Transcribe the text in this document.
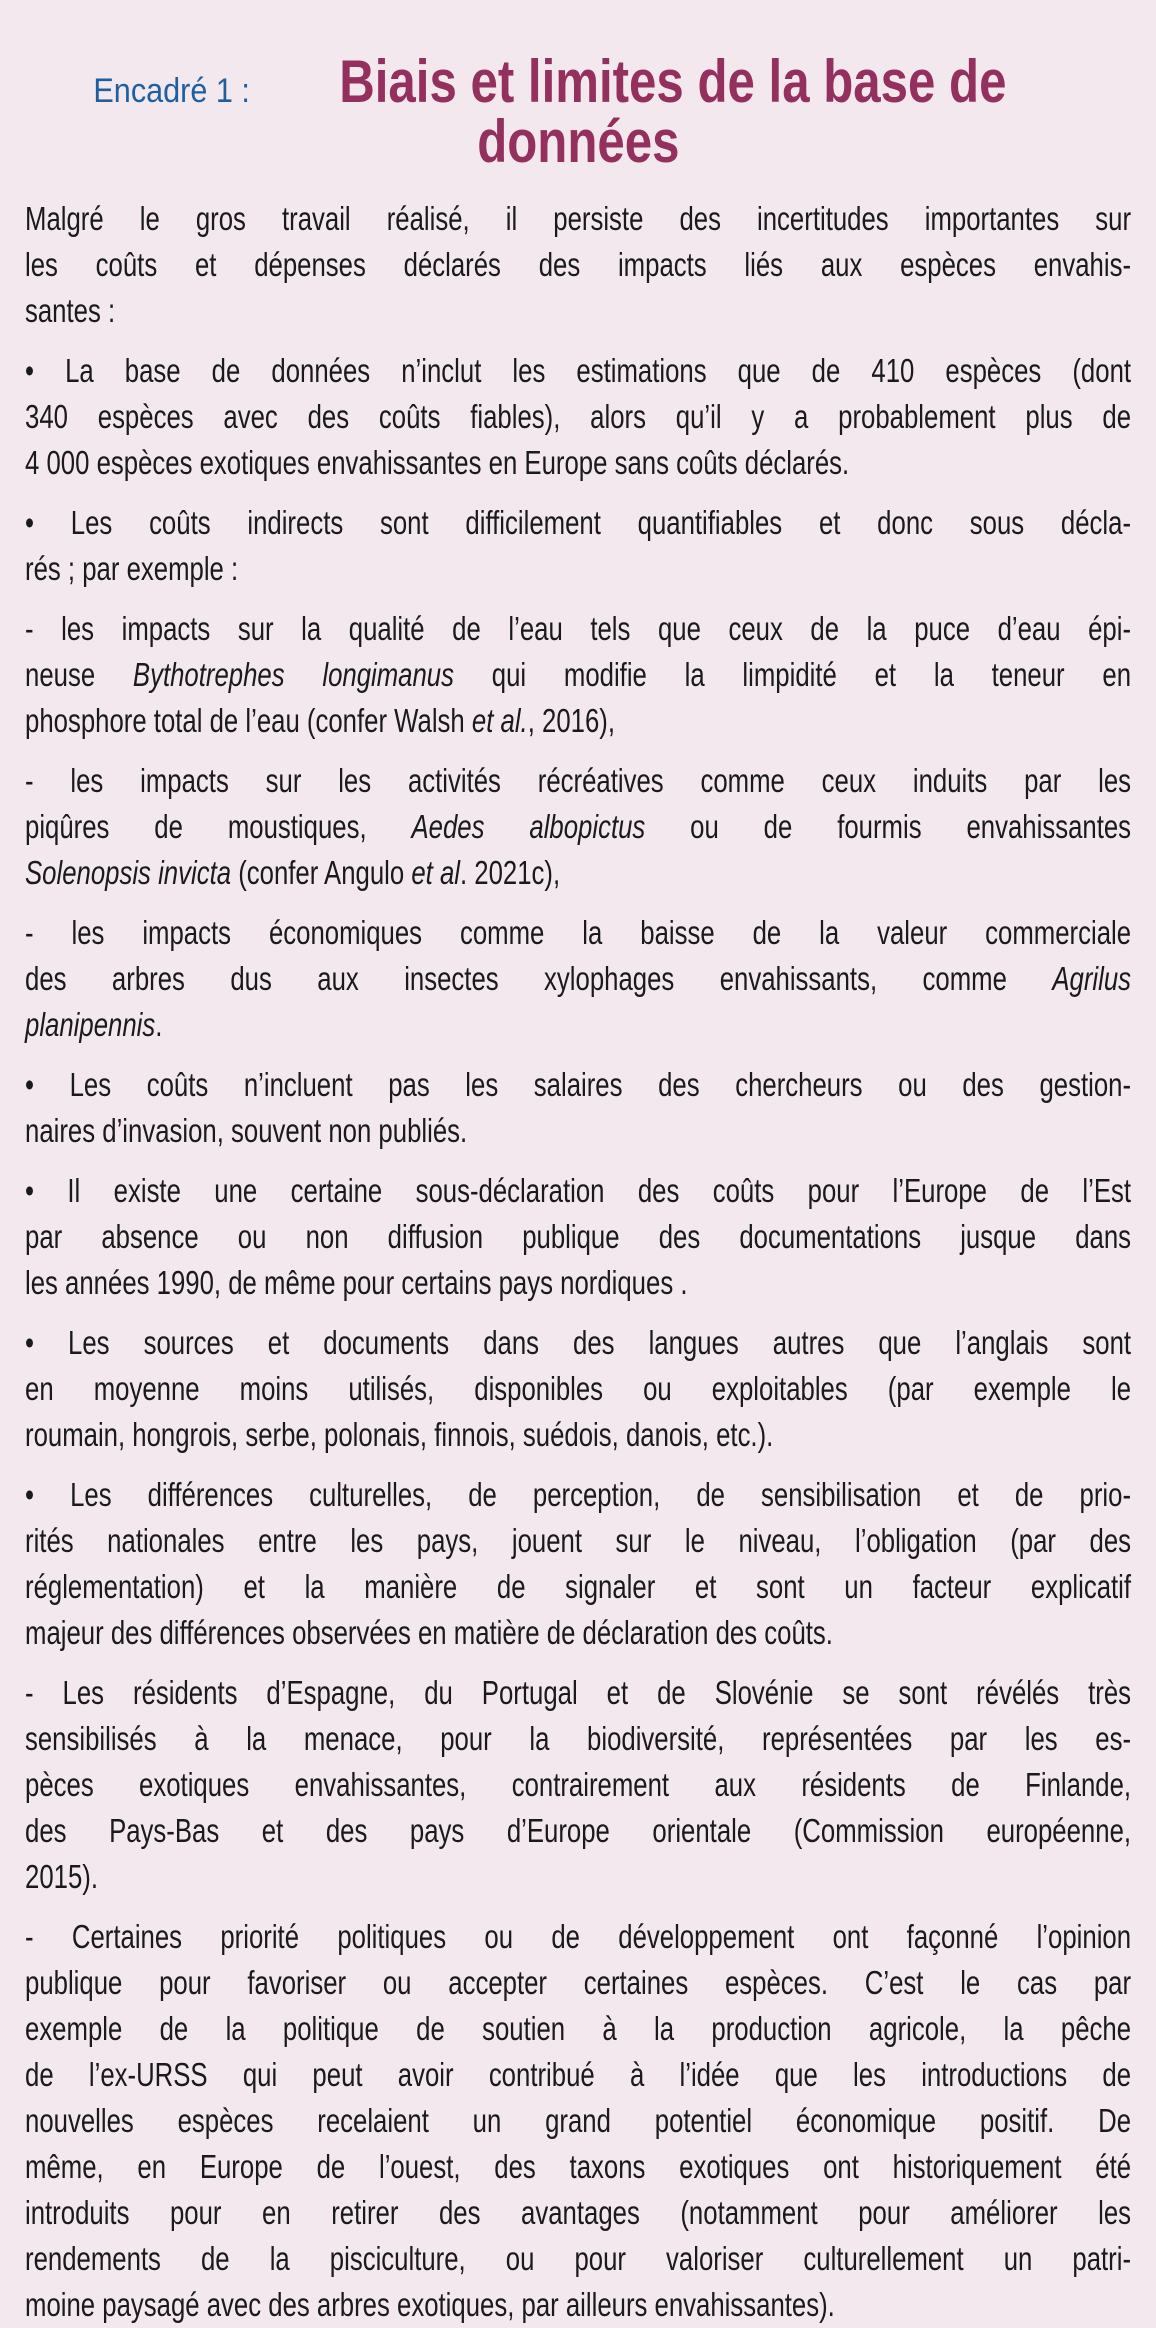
Encadré 1 : Biais et limites de la base de
données
Malgré le gros travail réalisé, il persiste des incertitudes importantes sur
les coûts et dépenses déclarés des impacts liés aux espèces envahis-
santes :
• La base de données n’inclut les estimations que de 410 espèces (dont
340 espèces avec des coûts fiables), alors qu’il y a probablement plus de
4 000 espèces exotiques envahissantes en Europe sans coûts déclarés.
• Les coûts indirects sont difficilement quantifiables et donc sous décla-
rés ; par exemple :
- les impacts sur la qualité de l’eau tels que ceux de la puce d’eau épi-
neuse Bythotrephes longimanus qui modifie la limpidité et la teneur en
phosphore total de l’eau (confer Walsh et al., 2016),
- les impacts sur les activités récréatives comme ceux induits par les
piqûres de moustiques, Aedes albopictus ou de fourmis envahissantes
Solenopsis invicta (confer Angulo et al. 2021c),
- les impacts économiques comme la baisse de la valeur commerciale
des arbres dus aux insectes xylophages envahissants, comme Agrilus
planipennis.
• Les coûts n’incluent pas les salaires des chercheurs ou des gestion-
naires d’invasion, souvent non publiés.
• Il existe une certaine sous-déclaration des coûts pour l’Europe de l’Est
par absence ou non diffusion publique des documentations jusque dans
les années 1990, de même pour certains pays nordiques .
• Les sources et documents dans des langues autres que l’anglais sont
en moyenne moins utilisés, disponibles ou exploitables (par exemple le
roumain, hongrois, serbe, polonais, finnois, suédois, danois, etc.).
• Les différences culturelles, de perception, de sensibilisation et de prio-
rités nationales entre les pays, jouent sur le niveau, l’obligation (par des
réglementation) et la manière de signaler et sont un facteur explicatif
majeur des différences observées en matière de déclaration des coûts.
- Les résidents d’Espagne, du Portugal et de Slovénie se sont révélés très
sensibilisés à la menace, pour la biodiversité, représentées par les es-
pèces exotiques envahissantes, contrairement aux résidents de Finlande,
des Pays-Bas et des pays d’Europe orientale (Commission européenne,
2015).
- Certaines priorité politiques ou de développement ont façonné l’opinion
publique pour favoriser ou accepter certaines espèces. C’est le cas par
exemple de la politique de soutien à la production agricole, la pêche
de l’ex-URSS qui peut avoir contribué à l’idée que les introductions de
nouvelles espèces recelaient un grand potentiel économique positif. De
même, en Europe de l’ouest, des taxons exotiques ont historiquement été
introduits pour en retirer des avantages (notamment pour améliorer les
rendements de la pisciculture, ou pour valoriser culturellement un patri-
moine paysagé avec des arbres exotiques, par ailleurs envahissantes).
